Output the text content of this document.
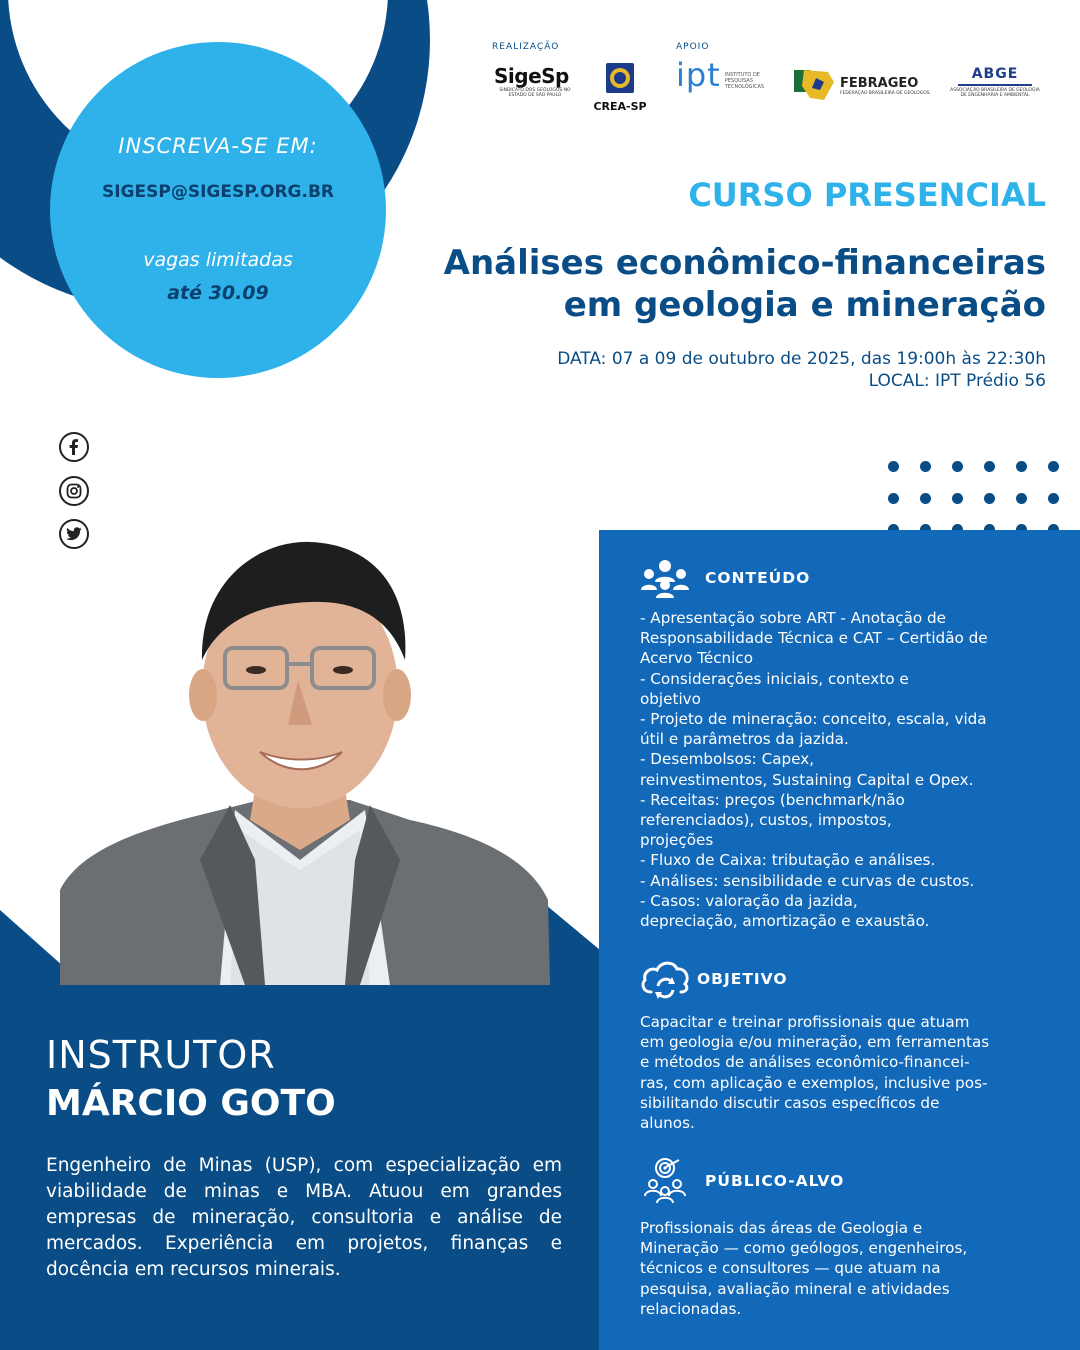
INSCREVA-SE EM:
SIGESP@SIGESP.ORG.BR
vagas limitadas
até 30.09
REALIZAÇÃO	APOIO
SigeSp
SINDICATO DOS GEÓLOGOS NO
ESTADO DE SÃO PAULO
CREA-SP
ipt INSTITUTO DE
PESQUISAS
TECNOLÓGICAS	FEBRAGEO
FEDERAÇÃO BRASILEIRA DE GEÓLOGOS
ABGE
ASSOCIAÇÃO BRASILEIRA DE GEOLOGIA
DE ENGENHARIA E AMBIENTAL
CURSO PRESENCIAL
Análises econômico-financeiras
em geologia e mineração
DATA: 07 a 09 de outubro de 2025, das 19:00h às 22:30h
LOCAL: IPT Prédio 56
INSTRUTOR
MÁRCIO GOTO
Engenheiro de Minas (USP), com especialização em viabilidade de minas e MBA. Atuou em grandes empresas de mineração, consultoria e análise de mercados. Experiência em projetos, finanças e docência em recursos minerais.
CONTEÚDO
- Apresentação sobre ART - Anotação de
Responsabilidade Técnica e CAT – Certidão de
Acervo Técnico
- Considerações iniciais, contexto e
objetivo
- Projeto de mineração: conceito, escala, vida
útil e parâmetros da jazida.
- Desembolsos: Capex,
reinvestimentos, Sustaining Capital e Opex.
- Receitas: preços (benchmark/não
referenciados), custos, impostos,
projeções
- Fluxo de Caixa: tributação e análises.
- Análises: sensibilidade e curvas de custos.
- Casos: valoração da jazida,
depreciação, amortização e exaustão.
OBJETIVO
Capacitar e treinar profissionais que atuam
em geologia e/ou mineração, em ferramentas
e métodos de análises econômico-financei-
ras, com aplicação e exemplos, inclusive pos-
sibilitando discutir casos específicos de
alunos.
PÚBLICO-ALVO
Profissionais das áreas de Geologia e
Mineração — como geólogos, engenheiros,
técnicos e consultores — que atuam na
pesquisa, avaliação mineral e atividades
relacionadas.
